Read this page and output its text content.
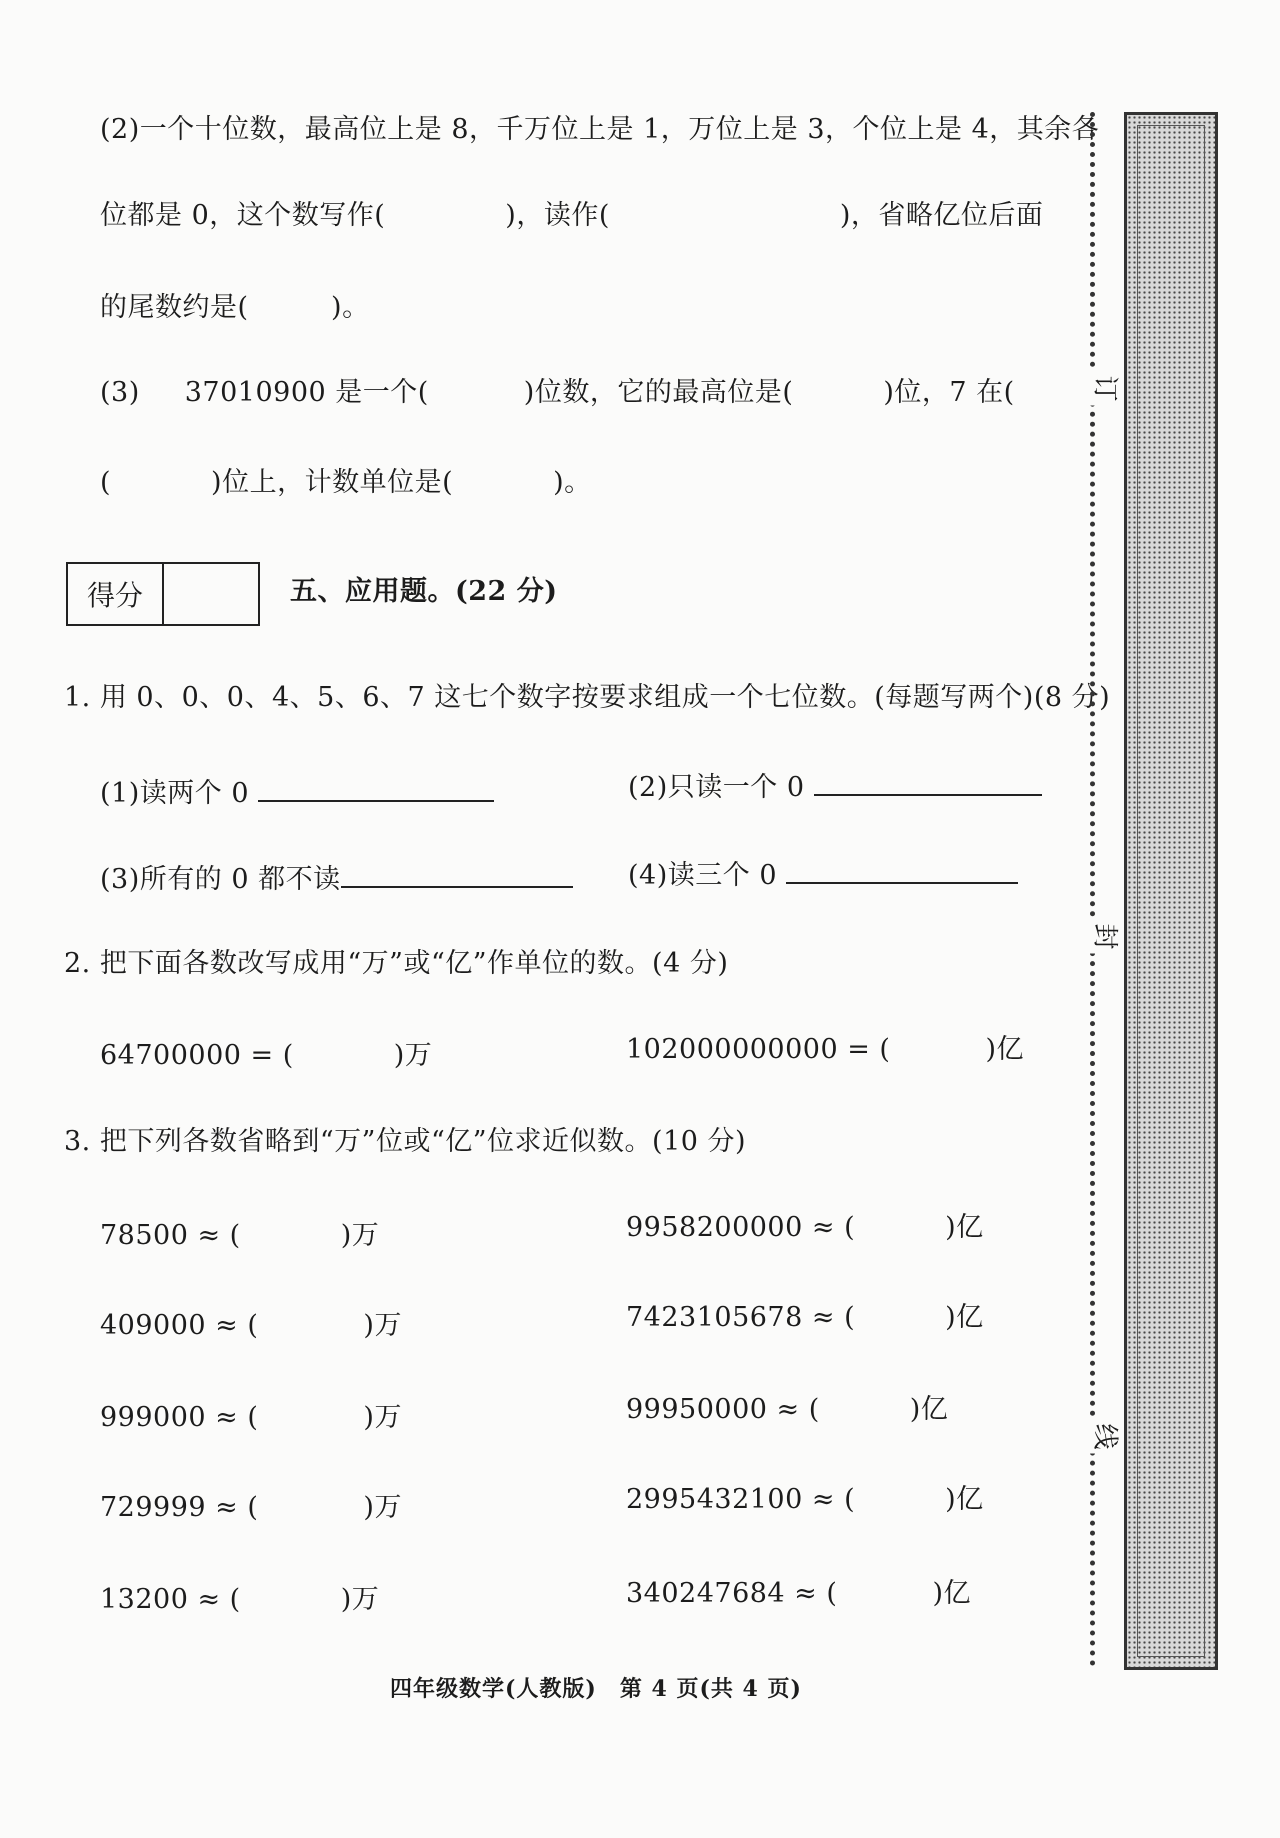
(2)一个十位数，最高位上是 8，千万位上是 1，万位上是 3，个位上是 4，其余各
位都是 0，这个数写作(	)，读作(	)，省略亿位后面
的尾数约是(　　　)。
(3) 37010900 是一个(	)位数，它的最高位是(	)位，7 在(
(	)位上，计数单位是(	)。
得分	五、应用题。(22 分)
1. 用 0、0、0、4、5、6、7 这七个数字按要求组成一个七位数。(每题写两个)(8 分)
(1)读两个 0	(2)只读一个 0
(3)所有的 0 都不读	(4)读三个 0
2. 把下面各数改写成用“万”或“亿”作单位的数。(4 分)
64700000 = (	)万	102000000000 = (	)亿
3. 把下列各数省略到“万”位或“亿”位求近似数。(10 分)
78500 ≈ (	)万	9958200000 ≈ (	)亿
409000 ≈ (	)万	7423105678 ≈ (	)亿
999000 ≈ (	)万	99950000 ≈ (	)亿
729999 ≈ (	)万	2995432100 ≈ (	)亿
13200 ≈ (	)万	340247684 ≈ (	)亿
四年级数学(人教版)　第 4 页(共 4 页)
订
封
线
